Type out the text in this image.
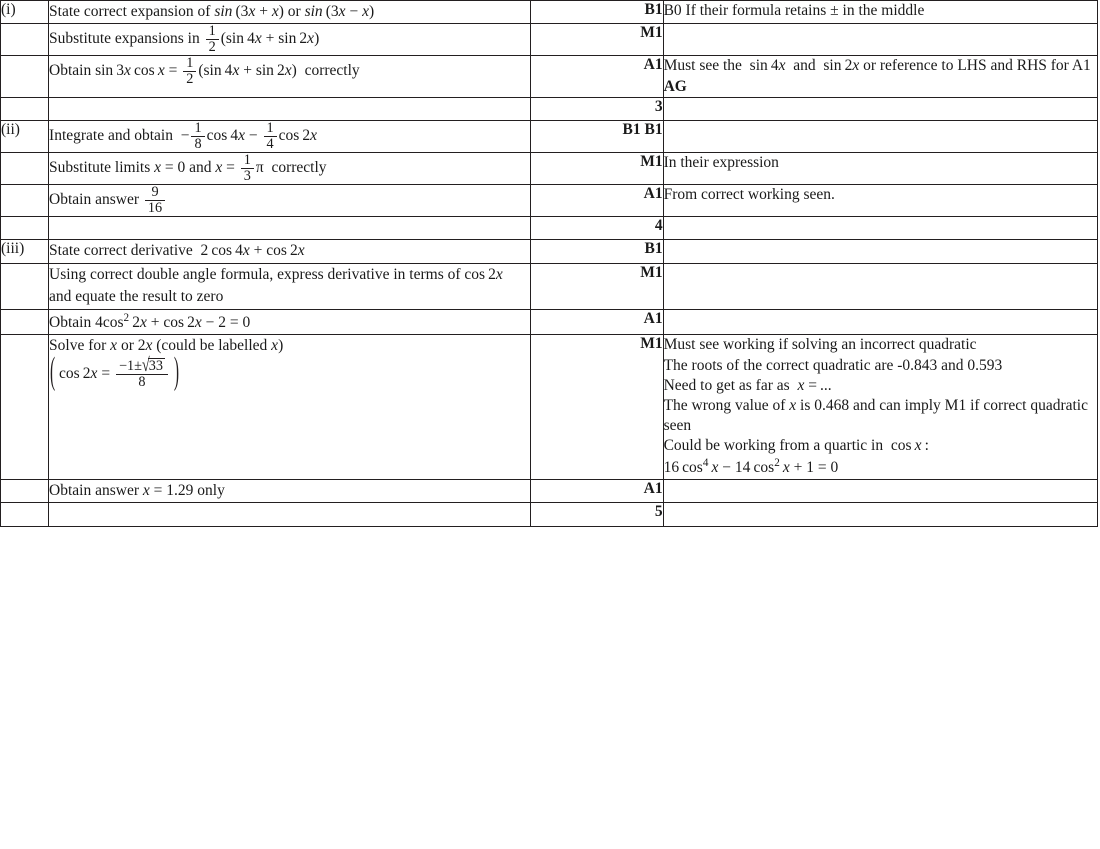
(i)	State correct expansion of sin  (3x + x) or sin (3x − x)	B1	B0 If their formula retains ± in the middle
	Substitute expansions in $\frac{1}{2} (\sin$ 4x + sin 2x)	M1	
	Obtain sin 3x $\cos x = \frac{1}{2} (\sin$ 4x + sin 2x)  correctly	A1	Must see the  sin 4x  and  sin 2x or reference to LHS and RHS for A1
AG
		3	
(ii)	Integrate and obtain  − $\frac{1}{8}$ $\cos 4x - \frac{1}{4}$ cos 2x	B1 B1	
	Substitute limits x = 0 and $x = \frac{1}{3}$ π  correctly	M1	In their expression
	Obtain answer $\frac{9}{16}$	A1	From correct working seen.
		4	
(iii)	State correct derivative  2 cos 4x + cos 2x	B1	
	Using correct double angle formula, express derivative in terms of cos 2x  and equate the result to zero	M1	
	Obtain $4\cos^2$ 2x + cos 2x − 2 = 0	A1	
	Solve for x or 2x (could be labelled x)
( $\cos 2x = \frac{-1\pm√33}{8}$
)	M1	Must see working if solving an incorrect quadratic
The roots of the correct quadratic are -0.843 and 0.593
Need to get as far as  x = ...
The wrong value of x is 0.468 and can imply M1 if correct quadratic seen
Could be working from a quartic in  cos x :
16 $\cos^4 x - 14$ $\cos^2 x + 1 = 0$
	Obtain answer x = 1.29 only	A1	
		5	
